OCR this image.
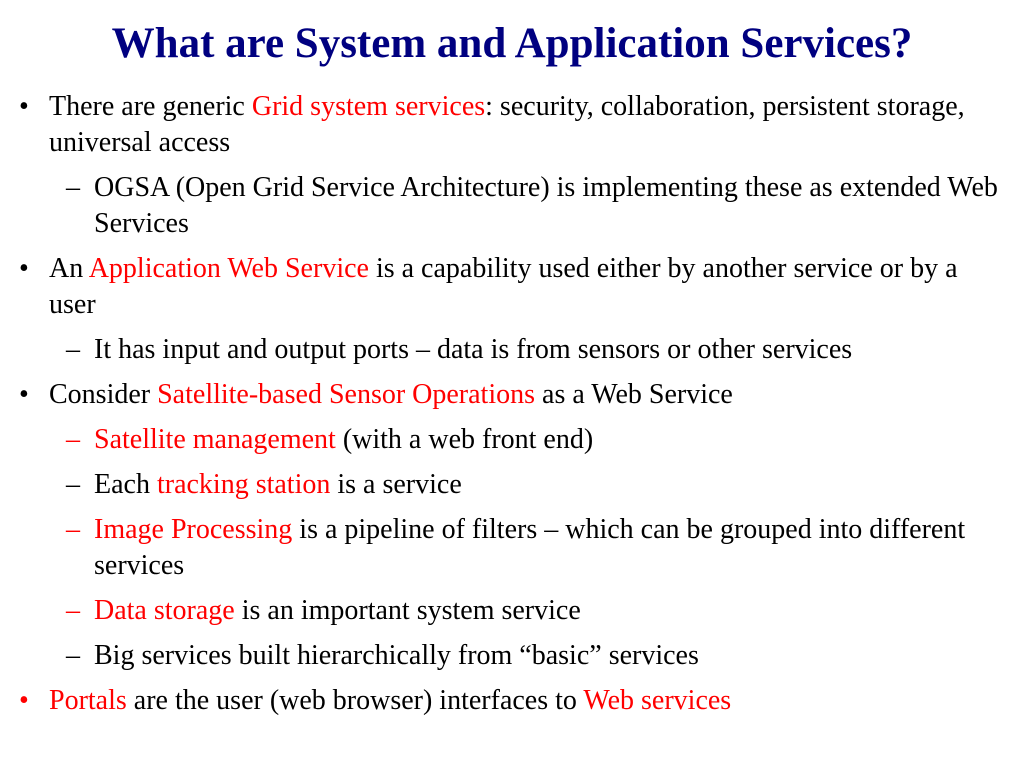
What are System and Application Services?
• There are generic Grid system services: security, collaboration, persistent storage, universal access
– OGSA (Open Grid Service Architecture) is implementing these as extended Web Services
• An Application Web Service is a capability used either by another service or by a user
– It has input and output ports – data is from sensors or other services
• Consider Satellite-based Sensor Operations as a Web Service
– Satellite management (with a web front end)
– Each tracking station is a service
– Image Processing is a pipeline of filters – which can be grouped into different services
– Data storage is an important system service
– Big services built hierarchically from “basic” services
• Portals are the user (web browser) interfaces to Web services
